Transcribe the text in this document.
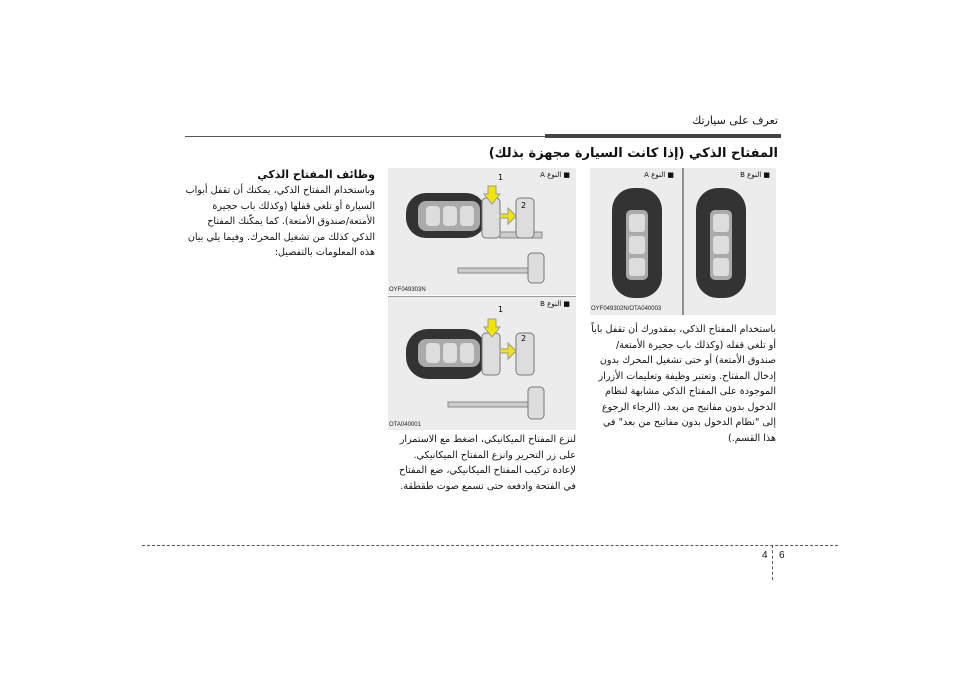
تعرف على سيارتك
المفتاح الذكي (إذا كانت السيارة مجهزة بذلك)
وظائف المفتاح الذكي
وباستخدام المفتاح الذكي، يمكنك أن تقفل أبواب السيارة أو تلغي قفلها (وكذلك باب حجيرة الأمتعة/صندوق الأمتعة). كما يمكّنك المفتاح الذكي كذلك من تشغيل المحرك. وفيما يلي بيان هذه المعلومات بالتفصيل:
■ النوع A
1
2
OYF049303N
■ النوع B
1
2
OTA040001
لنزع المفتاح الميكانيكي، اضغط مع الاستمرار على زر التحرير وانزع المفتاح الميكانيكي. لإعادة تركيب المفتاح الميكانيكي، ضع المفتاح في الفتحة وادفعه حتى تسمع صوت طقطقة.
■ النوع B
■ النوع A
OYF049302N/OTA040003
باستخدام المفتاح الذكي، بمقدورك أن تقفل باباً أو تلغي قفله (وكذلك باب حجيرة الأمتعة/ صندوق الأمتعة) أو حتى تشغيل المحرك بدون إدخال المفتاح. وتعتبر وظيفة وتعليمات الأزرار الموجودة على المفتاح الذكي مشابهة لنظام الدخول بدون مفاتيح من بعد. (الرجاء الرجوع إلى "نظام الدخول بدون مفاتيح من بعد" في هذا القسم.)
4 6
